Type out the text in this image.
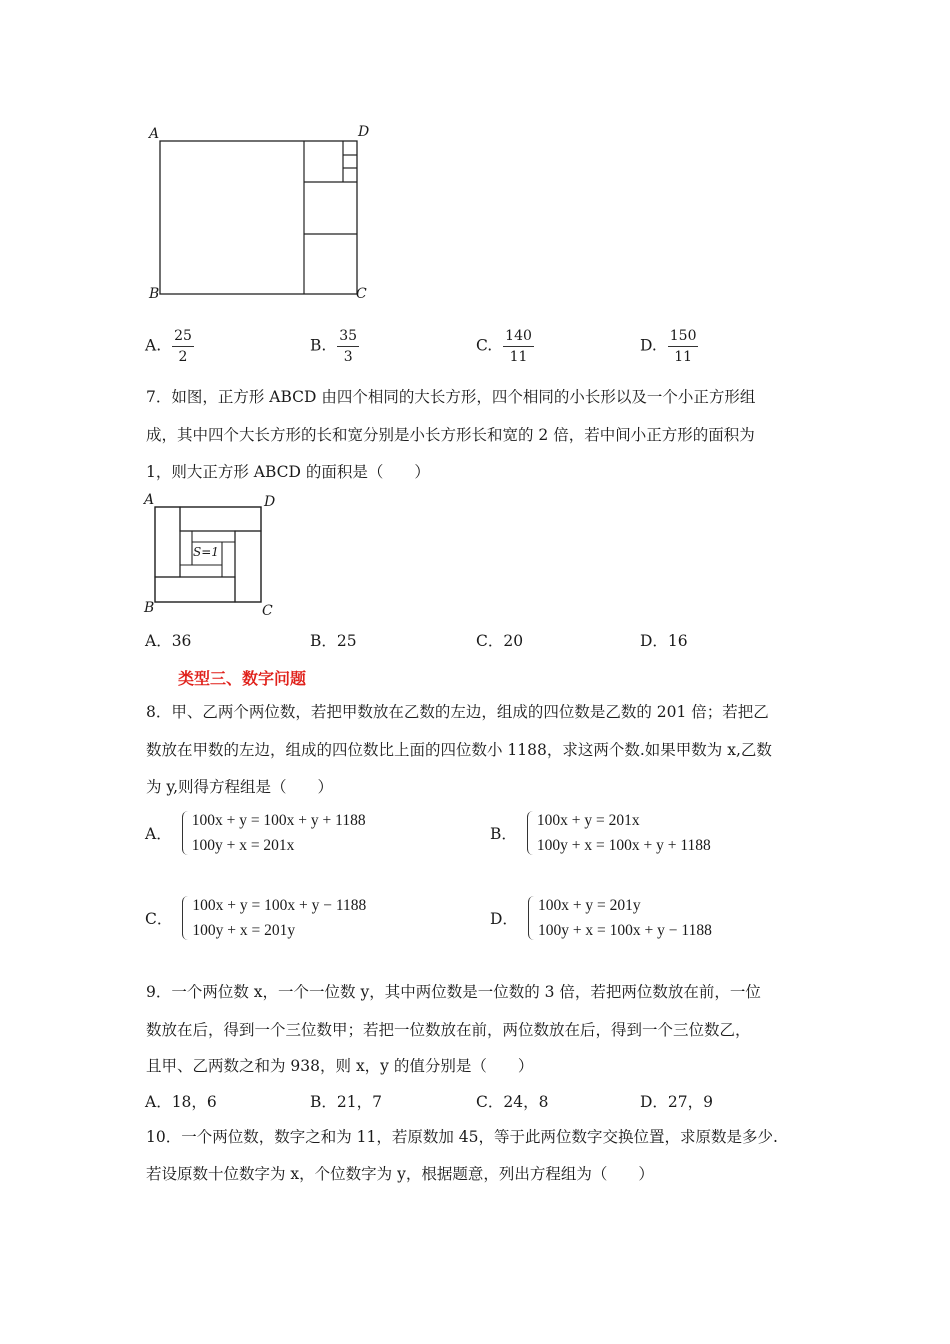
A	D
B	C
A. $\frac{25}{2}$	B. $\frac{35}{3}$	C. $\frac{140}{11}$	D. $\frac{150}{11}$
7．如图，正方形 ABCD 由四个相同的大长方形，四个相同的小长形以及一个小正方形组
成，其中四个大长方形的长和宽分别是小长方形长和宽的 2 倍，若中间小正方形的面积为
1，则大正方形 ABCD 的面积是（　　）
A	D
B	C
S=1
A．36	B．25	C．20	D．16
类型三、数字问题
8．甲、乙两个两位数，若把甲数放在乙数的左边，组成的四位数是乙数的 201 倍；若把乙
数放在甲数的左边，组成的四位数比上面的四位数小 1188，求这两个数.如果甲数为 x,乙数
为 y,则得方程组是（　　）
A．
100x + y = 100x + y + 1188
100y + x = 201x
B．
100x + y = 201x
100y + x = 100x + y + 1188
C．
100x + y = 100x + y − 1188
100y + x = 201y
D．
100x + y = 201y
100y + x = 100x + y − 1188
9．一个两位数 x，一个一位数 y，其中两位数是一位数的 3 倍，若把两位数放在前，一位
数放在后，得到一个三位数甲；若把一位数放在前，两位数放在后，得到一个三位数乙，
且甲、乙两数之和为 938，则 x，y 的值分别是（　　）
A．18，6	B．21，7	C．24，8	D．27，9
10．一个两位数，数字之和为 11，若原数加 45，等于此两位数字交换位置，求原数是多少.
若设原数十位数字为 x，个位数字为 y，根据题意，列出方程组为（　　）
